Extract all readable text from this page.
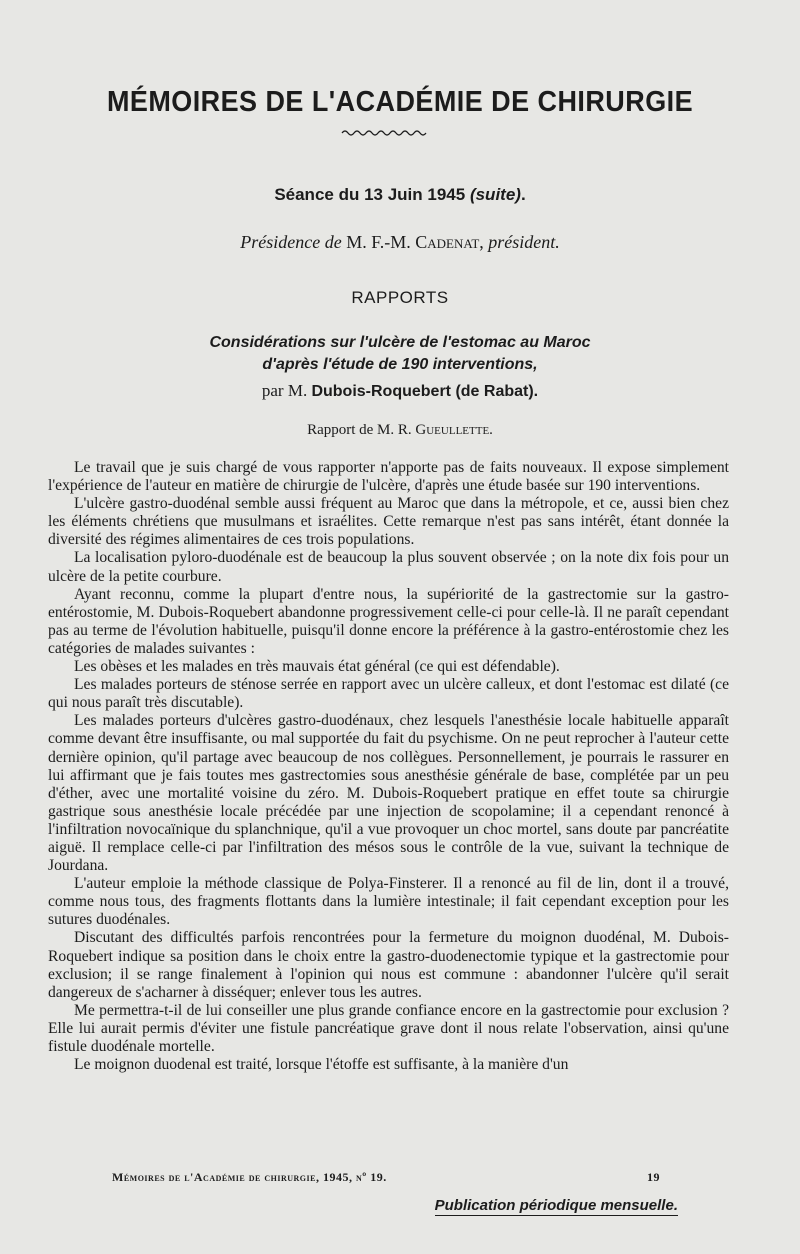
MÉMOIRES DE L'ACADÉMIE DE CHIRURGIE
Séance du 13 Juin 1945 (suite).
Présidence de M. F.-M. Cadenat, président.
RAPPORTS
Considérations sur l'ulcère de l'estomac au Maroc
d'après l'étude de 190 interventions,
par M. Dubois-Roquebert (de Rabat).
Rapport de M. R. Gueullette.

Le travail que je suis chargé de vous rapporter n'apporte pas de faits nouveaux. Il expose simplement l'expérience de l'auteur en matière de chirurgie de l'ulcère, d'après une étude basée sur 190 interventions.

L'ulcère gastro-duodénal semble aussi fréquent au Maroc que dans la métropole, et ce, aussi bien chez les éléments chrétiens que musulmans et israélites. Cette remarque n'est pas sans intérêt, étant donnée la diversité des régimes alimentaires de ces trois populations.

La localisation pyloro-duodénale est de beaucoup la plus souvent observée ; on la note dix fois pour un ulcère de la petite courbure.

Ayant reconnu, comme la plupart d'entre nous, la supériorité de la gastrectomie sur la gastro-entérostomie, M. Dubois-Roquebert abandonne progressivement celle-ci pour celle-là. Il ne paraît cependant pas au terme de l'évolution habituelle, puisqu'il donne encore la préférence à la gastro-entérostomie chez les catégories de malades suivantes :

Les obèses et les malades en très mauvais état général (ce qui est défendable).

Les malades porteurs de sténose serrée en rapport avec un ulcère calleux, et dont l'estomac est dilaté (ce qui nous paraît très discutable).

Les malades porteurs d'ulcères gastro-duodénaux, chez lesquels l'anesthésie locale habituelle apparaît comme devant être insuffisante, ou mal supportée du fait du psychisme. On ne peut reprocher à l'auteur cette dernière opinion, qu'il partage avec beaucoup de nos collègues. Personnellement, je pourrais le rassurer en lui affirmant que je fais toutes mes gastrectomies sous anesthésie générale de base, complétée par un peu d'éther, avec une mortalité voisine du zéro. M. Dubois-Roquebert pratique en effet toute sa chirurgie gastrique sous anesthésie locale précédée par une injection de scopolamine; il a cependant renoncé à l'infiltration novocaïnique du splanchnique, qu'il a vue provoquer un choc mortel, sans doute par pancréatite aiguë. Il remplace celle-ci par l'infiltration des mésos sous le contrôle de la vue, suivant la technique de Jourdana.

L'auteur emploie la méthode classique de Polya-Finsterer. Il a renoncé au fil de lin, dont il a trouvé, comme nous tous, des fragments flottants dans la lumière intestinale; il fait cependant exception pour les sutures duodénales.

Discutant des difficultés parfois rencontrées pour la fermeture du moignon duodénal, M. Dubois-Roquebert indique sa position dans le choix entre la gastro-duodenectomie typique et la gastrectomie pour exclusion; il se range finalement à l'opinion qui nous est commune : abandonner l'ulcère qu'il serait dangereux de s'acharner à disséquer; enlever tous les autres.

Me permettra-t-il de lui conseiller une plus grande confiance encore en la gastrectomie pour exclusion ? Elle lui aurait permis d'éviter une fistule pancréatique grave dont il nous relate l'observation, ainsi qu'une fistule duodénale mortelle.

Le moignon duodenal est traité, lorsque l'étoffe est suffisante, à la manière d'un

Mémoires de l'Académie de chirurgie, 1945, nº 19.	19
Publication périodique mensuelle.
